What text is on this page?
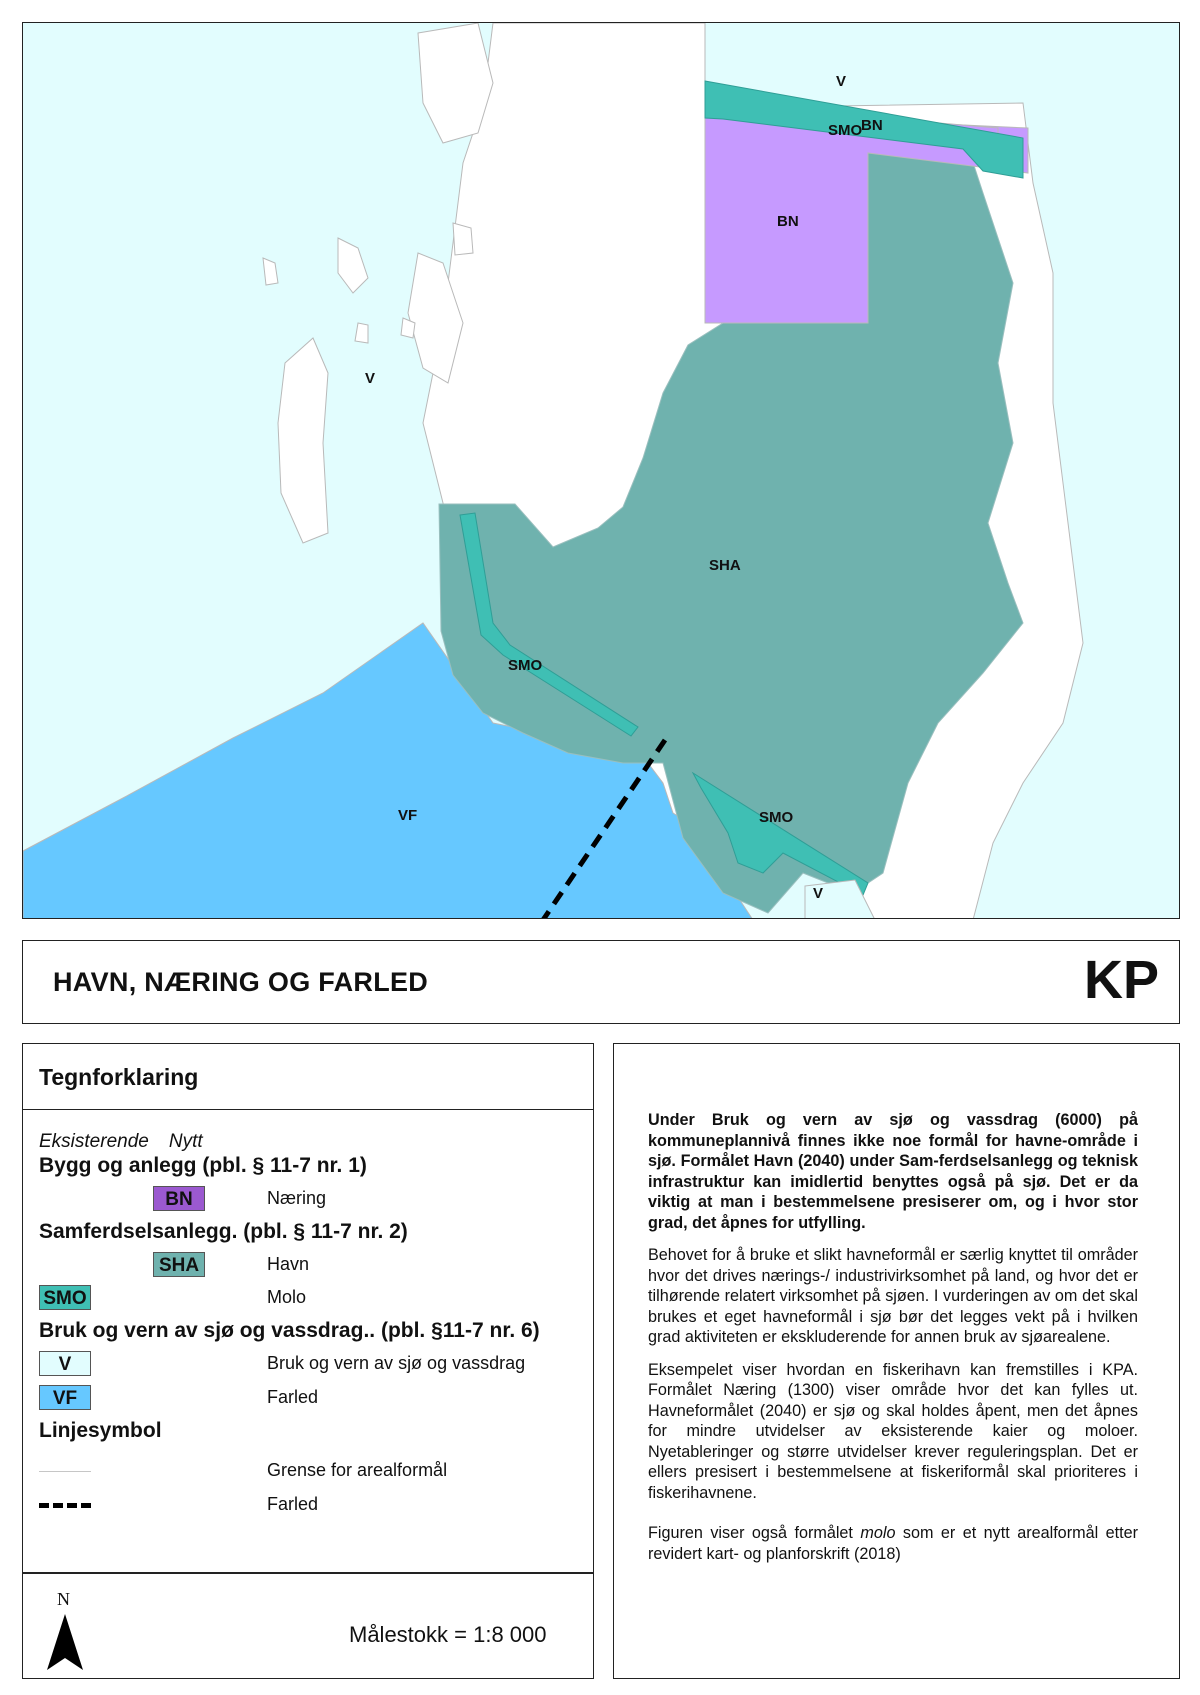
V
SMO
BN
BN
V
SHA
SMO
VF	SMO
V
HAVN, NÆRING OG FARLED	KP
Tegnforklaring
Eksisterende Nytt
Bygg og anlegg (pbl. § 11-7 nr. 1)
BN	Næring
Samferdselsanlegg. (pbl. § 11-7 nr. 2)
SHA	Havn
SMO	Molo
Bruk og vern av sjø og vassdrag.. (pbl. §11-7 nr. 6)
V	Bruk og vern av sjø og vassdrag
VF	Farled
Linjesymbol
Grense for arealformål
Farled
N
Målestokk = 1:8 000

Under Bruk og vern av sjø og vassdrag (6000) på kommuneplannivå finnes ikke noe formål for havne-område i sjø. Formålet Havn (2040) under Sam-ferdselsanlegg og teknisk infrastruktur kan imidlertid benyttes også på sjø. Det er da viktig at man i bestemmelsene presiserer om, og i hvor stor grad, det åpnes for utfylling.

Behovet for å bruke et slikt havneformål er særlig knyttet til områder hvor det drives nærings-/ industrivirksomhet på land, og hvor det er tilhørende relatert virksomhet på sjøen. I vurderingen av om det skal brukes et eget havneformål i sjø bør det legges vekt på i hvilken grad aktiviteten er ekskluderende for annen bruk av sjøarealene.

Eksempelet viser hvordan en fiskerihavn kan fremstilles i KPA. Formålet Næring (1300) viser område hvor det kan fylles ut. Havneformålet (2040) er sjø og skal holdes åpent, men det åpnes for mindre utvidelser av eksisterende kaier og moloer. Nyetableringer og større utvidelser krever reguleringsplan. Det er ellers presisert i bestemmelsene at fiskeriformål skal prioriteres i fiskerihavnene.

Figuren viser også formålet molo som er et nytt arealformål etter revidert kart- og planforskrift (2018)
